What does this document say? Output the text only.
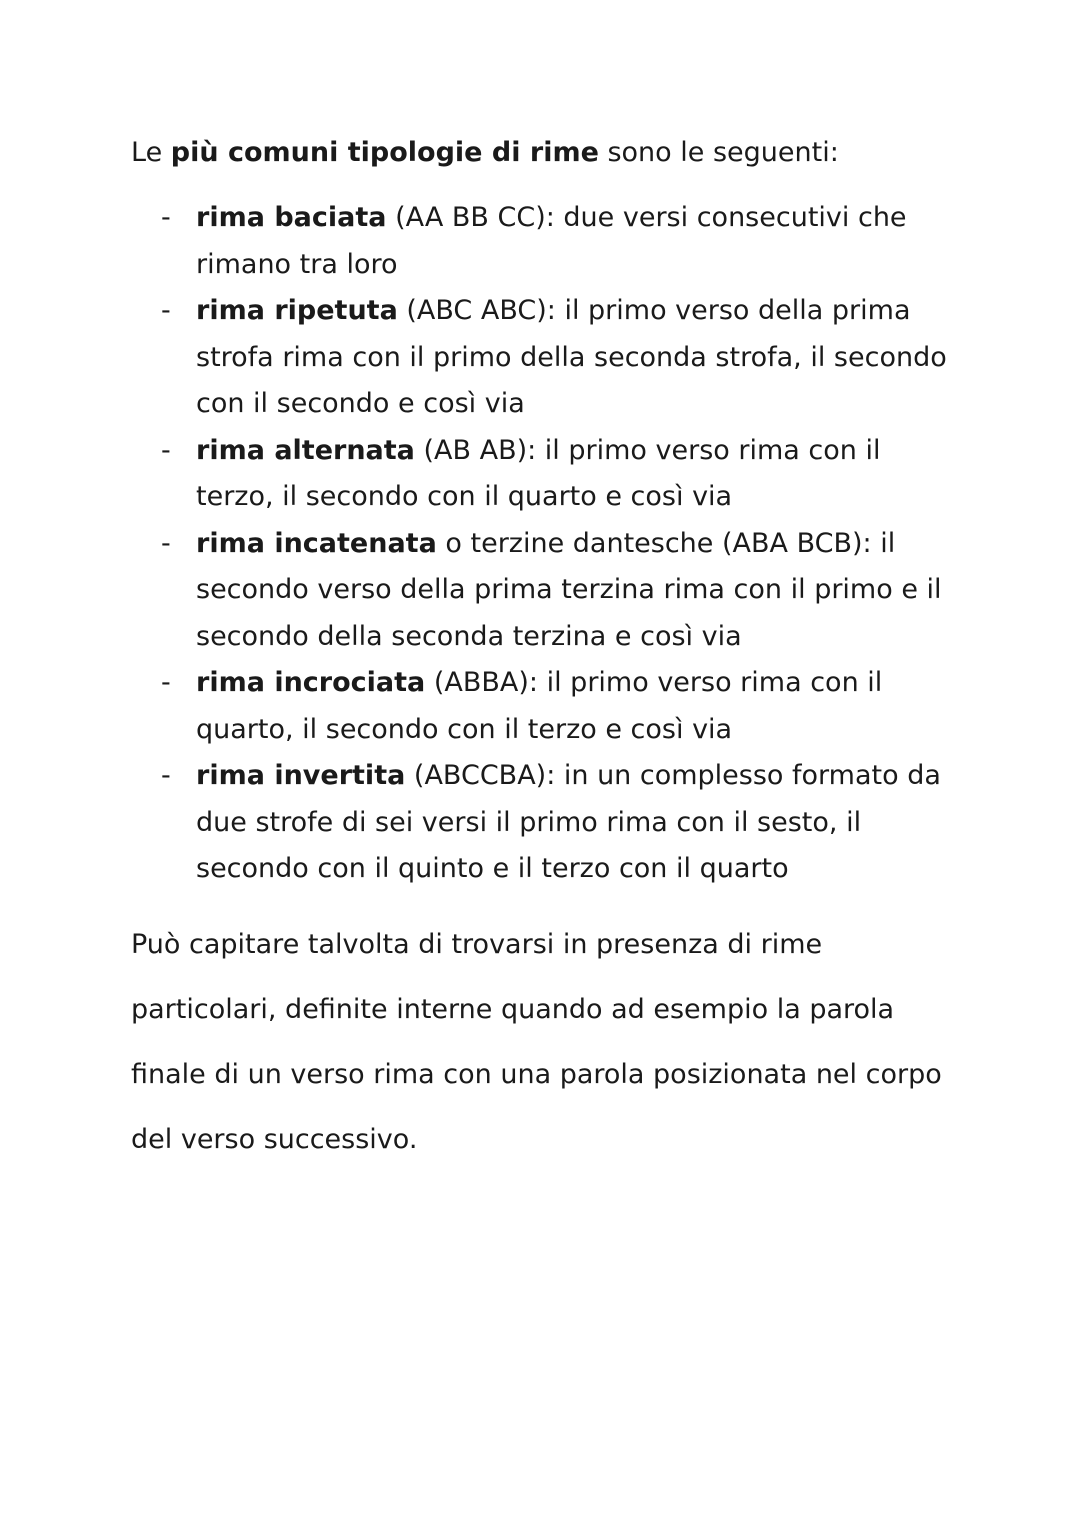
Le più comuni tipologie di rime sono le seguenti:

- rima baciata (AA BB CC): due versi consecutivi che rimano tra loro
- rima ripetuta (ABC ABC): il primo verso della prima strofa rima con il primo della seconda strofa, il secondo con il secondo e così via
- rima alternata (AB AB): il primo verso rima con il terzo, il secondo con il quarto e così via
- rima incatenata o terzine dantesche (ABA BCB): il secondo verso della prima terzina rima con il primo e il secondo della seconda terzina e così via
- rima incrociata (ABBA): il primo verso rima con il quarto, il secondo con il terzo e così via
- rima invertita (ABCCBA): in un complesso formato da due strofe di sei versi il primo rima con il sesto, il secondo con il quinto e il terzo con il quarto

Può capitare talvolta di trovarsi in presenza di rime particolari, definite interne quando ad esempio la parola finale di un verso rima con una parola posizionata nel corpo del verso successivo.
